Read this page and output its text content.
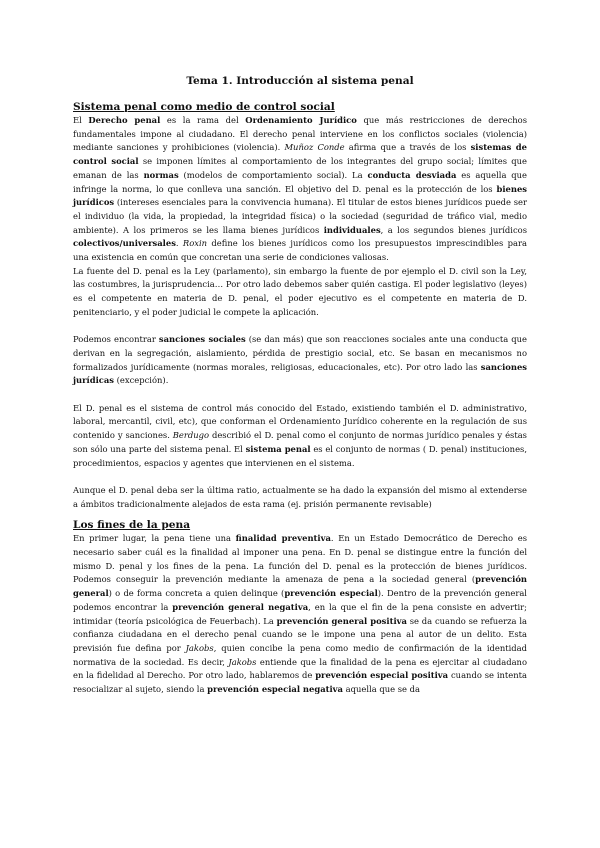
Tema 1. Introducción al sistema penal
Sistema penal como medio de control social

El Derecho penal es la rama del Ordenamiento Jurídico que más restricciones de derechos fundamentales impone al ciudadano. El derecho penal interviene en los conflictos sociales (violencia) mediante sanciones y prohibiciones (violencia). Muñoz Conde afirma que a través de los sistemas de control social se imponen límites al comportamiento de los integrantes del grupo social; límites que emanan de las normas (modelos de comportamiento social). La conducta desviada es aquella que infringe la norma, lo que conlleva una sanción. El objetivo del D. penal es la protección de los bienes jurídicos (intereses esenciales para la convivencia humana). El titular de estos bienes jurídicos puede ser el individuo (la vida, la propiedad, la integridad física) o la sociedad (seguridad de tráfico vial, medio ambiente). A los primeros se les llama bienes jurídicos individuales, a los segundos bienes jurídicos colectivos/universales. Roxin define los bienes jurídicos como los presupuestos imprescindibles para una existencia en común que concretan una serie de condiciones valiosas.

La fuente del D. penal es la Ley (parlamento), sin embargo la fuente de por ejemplo el D. civil son la Ley, las costumbres, la jurisprudencia… Por otro lado debemos saber quién castiga. El poder legislativo (leyes) es el competente en materia de D. penal, el poder ejecutivo es el competente en materia de D. penitenciario, y el poder judicial le compete la aplicación.

Podemos encontrar sanciones sociales (se dan más) que son reacciones sociales ante una conducta que derivan en la segregación, aislamiento, pérdida de prestigio social, etc. Se basan en mecanismos no formalizados jurídicamente (normas morales, religiosas, educacionales, etc). Por otro lado las sanciones jurídicas (excepción).

El D. penal es el sistema de control más conocido del Estado, existiendo también el D. administrativo, laboral, mercantil, civil, etc), que conforman el Ordenamiento Jurídico coherente en la regulación de sus contenido y sanciones. Berdugo describió el D. penal como el conjunto de normas jurídico penales y éstas son sólo una parte del sistema penal. El sistema penal es el conjunto de normas ( D. penal) instituciones, procedimientos, espacios y agentes que intervienen en el sistema.

Aunque el D. penal deba ser la última ratio, actualmente se ha dado la expansión del mismo al extenderse a ámbitos tradicionalmente alejados de esta rama (ej. prisión permanente revisable)

Los fines de la pena

En primer lugar, la pena tiene una finalidad preventiva. En un Estado Democrático de Derecho es necesario saber cuál es la finalidad al imponer una pena. En D. penal se distingue entre la función del mismo D. penal y los fines de la pena. La función del D. penal es la protección de bienes jurídicos. Podemos conseguir la prevención mediante la amenaza de pena a la sociedad general (prevención general) o de forma concreta a quien delinque (prevención especial). Dentro de la prevención general podemos encontrar la prevención general negativa, en la que el fin de la pena consiste en advertir; intimidar (teoría psicológica de Feuerbach). La prevención general positiva se da cuando se refuerza la confianza ciudadana en el derecho penal cuando se le impone una pena al autor de un delito. Esta previsión fue defina por Jakobs, quien concibe la pena como medio de confirmación de la identidad normativa de la sociedad. Es decir, Jakobs entiende que la finalidad de la pena es ejercitar al ciudadano en la fidelidad al Derecho. Por otro lado, hablaremos de prevención especial positiva cuando se intenta resocializar al sujeto, siendo la prevención especial negativa aquella que se da
